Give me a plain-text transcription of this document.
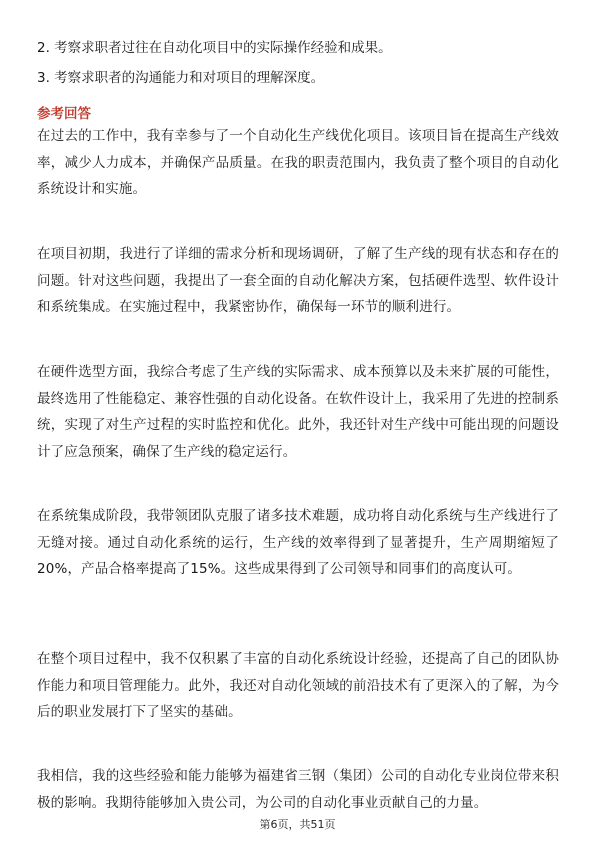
2. 考察求职者过往在自动化项目中的实际操作经验和成果。
3. 考察求职者的沟通能力和对项目的理解深度。
参考回答
在过去的工作中，我有幸参与了一个自动化生产线优化项目。该项目旨在提高生产线效率，减少人力成本，并确保产品质量。在我的职责范围内，我负责了整个项目的自动化系统设计和实施。
在项目初期，我进行了详细的需求分析和现场调研，了解了生产线的现有状态和存在的问题。针对这些问题，我提出了一套全面的自动化解决方案，包括硬件选型、软件设计和系统集成。在实施过程中，我紧密协作，确保每一环节的顺利进行。
在硬件选型方面，我综合考虑了生产线的实际需求、成本预算以及未来扩展的可能性，最终选用了性能稳定、兼容性强的自动化设备。在软件设计上，我采用了先进的控制系统，实现了对生产过程的实时监控和优化。此外，我还针对生产线中可能出现的问题设计了应急预案，确保了生产线的稳定运行。
在系统集成阶段，我带领团队克服了诸多技术难题，成功将自动化系统与生产线进行了无缝对接。通过自动化系统的运行，生产线的效率得到了显著提升，生产周期缩短了20%，产品合格率提高了15%。这些成果得到了公司领导和同事们的高度认可。
在整个项目过程中，我不仅积累了丰富的自动化系统设计经验，还提高了自己的团队协作能力和项目管理能力。此外，我还对自动化领域的前沿技术有了更深入的了解，为今后的职业发展打下了坚实的基础。
我相信，我的这些经验和能力能够为福建省三钢（集团）公司的自动化专业岗位带来积极的影响。我期待能够加入贵公司，为公司的自动化事业贡献自己的力量。
第6页，共51页
